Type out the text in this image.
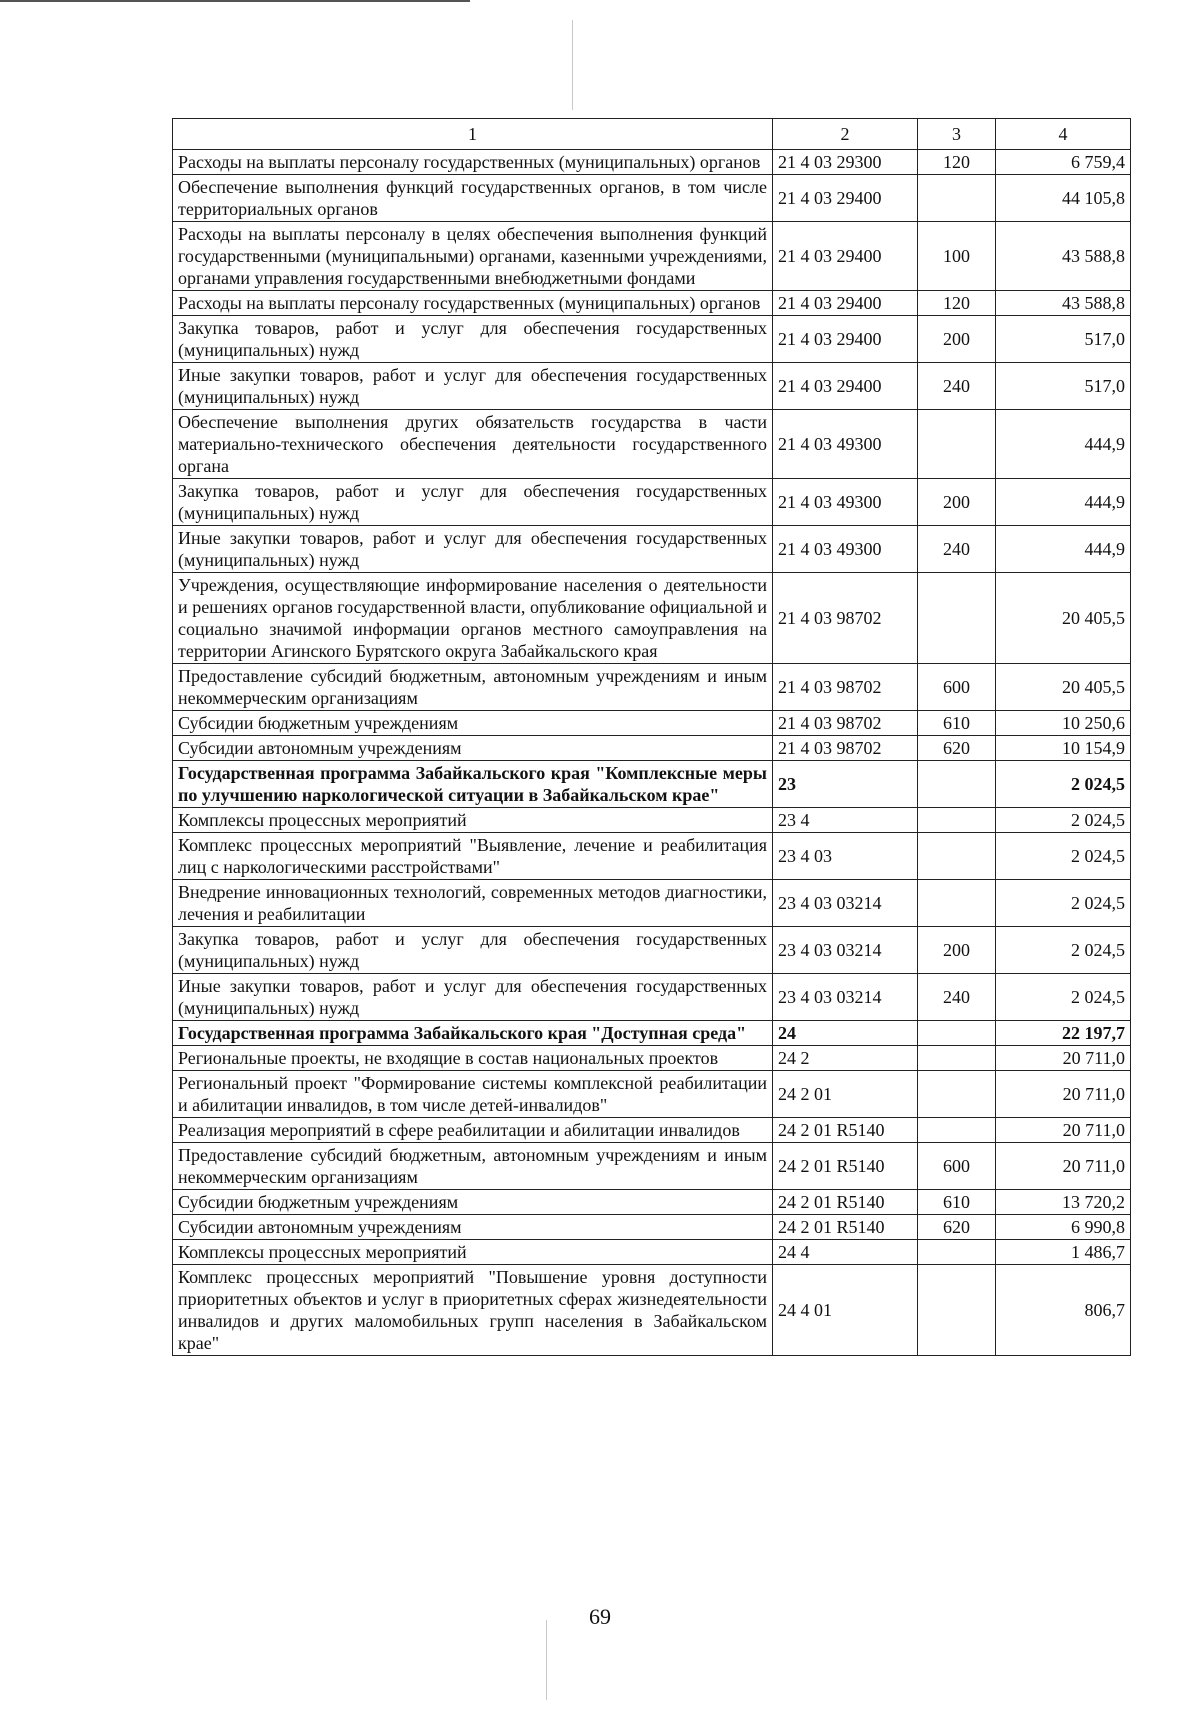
1	2	3	4
Расходы на выплаты персоналу государственных (муниципальных) органов	21 4 03 29300	120	6 759,4
Обеспечение выполнения функций государственных органов, в том числе территориальных органов	21 4 03 29400		44 105,8
Расходы на выплаты персоналу в целях обеспечения выполнения функций государственными (муниципальными) органами, казенными учреждениями, органами управления государственными внебюджетными фондами	21 4 03 29400	100	43 588,8
Расходы на выплаты персоналу государственных (муниципальных) органов	21 4 03 29400	120	43 588,8
Закупка товаров, работ и услуг для обеспечения государственных (муниципальных) нужд	21 4 03 29400	200	517,0
Иные закупки товаров, работ и услуг для обеспечения государственных (муниципальных) нужд	21 4 03 29400	240	517,0
Обеспечение выполнения других обязательств государства в части материально-технического обеспечения деятельности государственного органа	21 4 03 49300		444,9
Закупка товаров, работ и услуг для обеспечения государственных (муниципальных) нужд	21 4 03 49300	200	444,9
Иные закупки товаров, работ и услуг для обеспечения государственных (муниципальных) нужд	21 4 03 49300	240	444,9
Учреждения, осуществляющие информирование населения о деятельности и решениях органов государственной власти, опубликование официальной и социально значимой информации органов местного самоуправления на территории Агинского Бурятского округа Забайкальского края	21 4 03 98702		20 405,5
Предоставление субсидий бюджетным, автономным учреждениям и иным некоммерческим организациям	21 4 03 98702	600	20 405,5
Субсидии бюджетным учреждениям	21 4 03 98702	610	10 250,6
Субсидии автономным учреждениям	21 4 03 98702	620	10 154,9
Государственная программа Забайкальского края "Комплексные меры по улучшению наркологической ситуации в Забайкальском крае"	23		2 024,5
Комплексы процессных мероприятий	23 4		2 024,5
Комплекс процессных мероприятий "Выявление, лечение и реабилитация лиц с наркологическими расстройствами"	23 4 03		2 024,5
Внедрение инновационных технологий, современных методов диагностики, лечения и реабилитации	23 4 03 03214		2 024,5
Закупка товаров, работ и услуг для обеспечения государственных (муниципальных) нужд	23 4 03 03214	200	2 024,5
Иные закупки товаров, работ и услуг для обеспечения государственных (муниципальных) нужд	23 4 03 03214	240	2 024,5
Государственная программа Забайкальского края "Доступная среда"	24		22 197,7
Региональные проекты, не входящие в состав национальных проектов	24 2		20 711,0
Региональный проект "Формирование системы комплексной реабилитации и абилитации инвалидов, в том числе детей-инвалидов"	24 2 01		20 711,0
Реализация мероприятий в сфере реабилитации и абилитации инвалидов	24 2 01 R5140		20 711,0
Предоставление субсидий бюджетным, автономным учреждениям и иным некоммерческим организациям	24 2 01 R5140	600	20 711,0
Субсидии бюджетным учреждениям	24 2 01 R5140	610	13 720,2
Субсидии автономным учреждениям	24 2 01 R5140	620	6 990,8
Комплексы процессных мероприятий	24 4		1 486,7
Комплекс процессных мероприятий "Повышение уровня доступности приоритетных объектов и услуг в приоритетных сферах жизнедеятельности инвалидов и других маломобильных групп населения в Забайкальском крае"	24 4 01		806,7
69
